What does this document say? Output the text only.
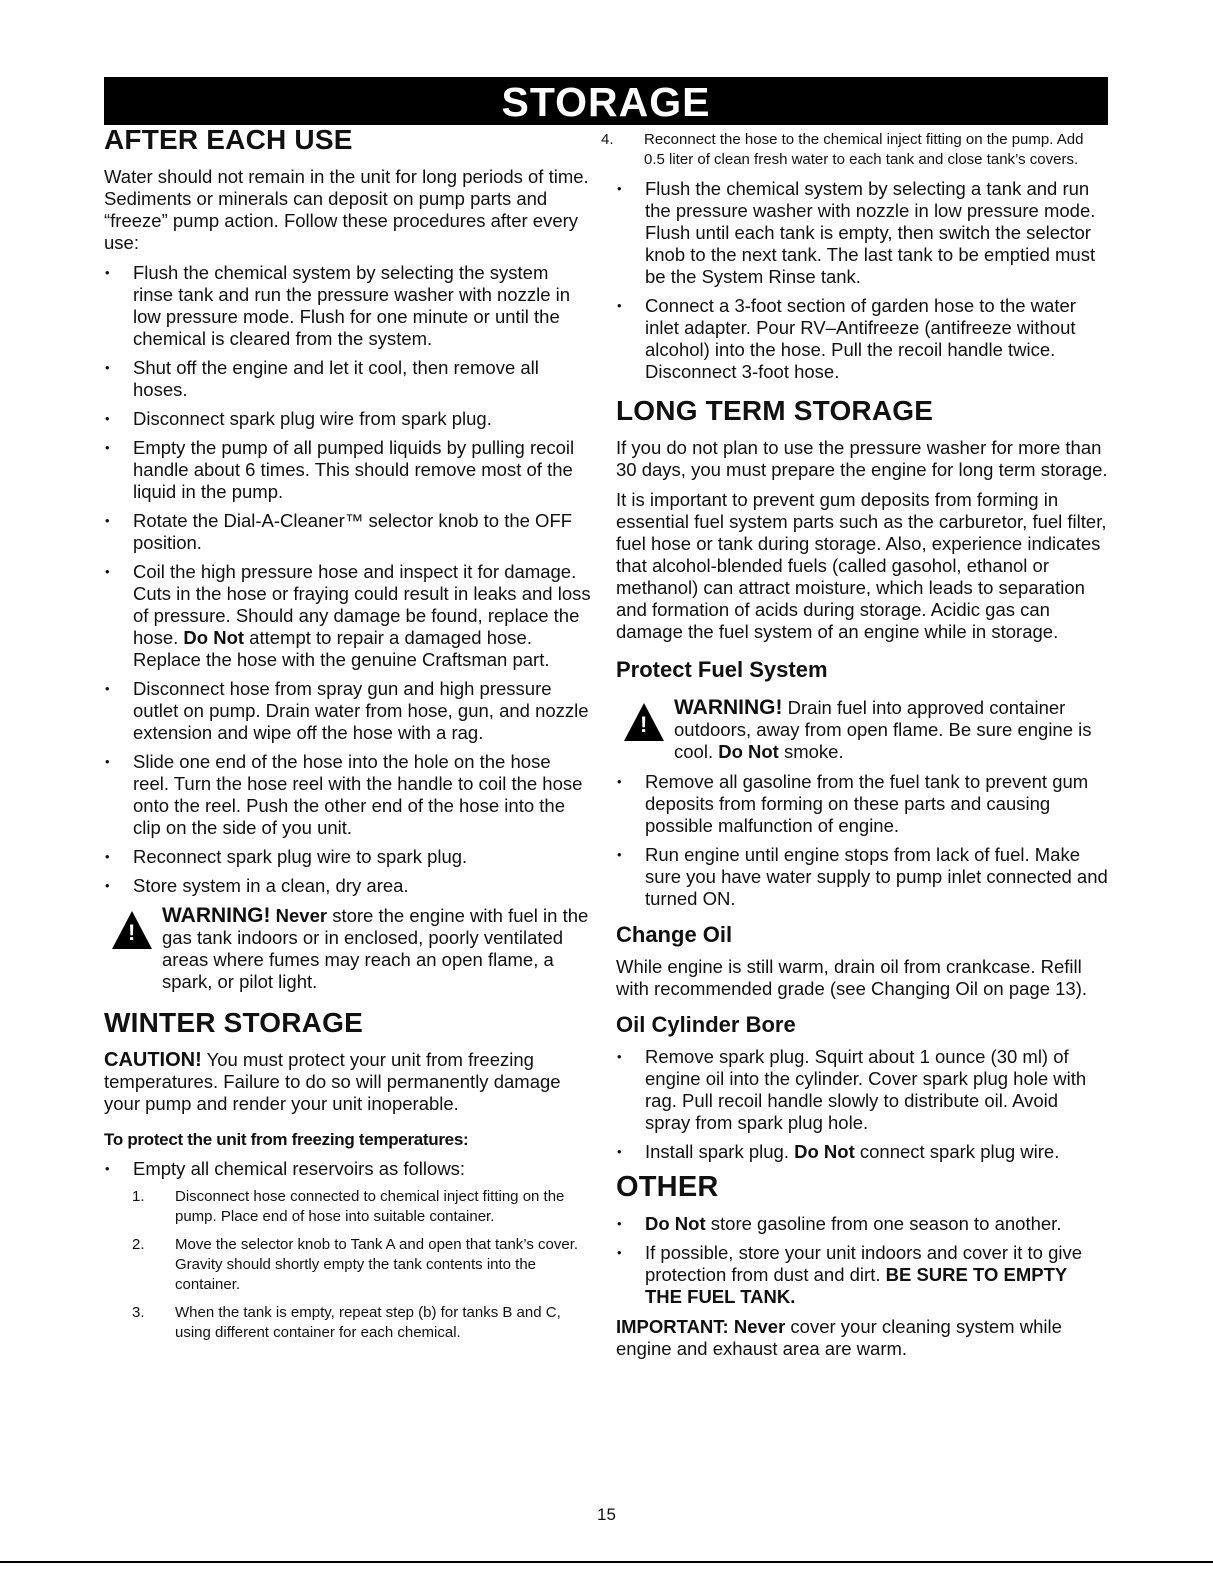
STORAGE
AFTER EACH USE

Water should not remain in the unit for long periods of time. Sediments or minerals can deposit on pump parts and “freeze” pump action. Follow these procedures after every use:

• Flush the chemical system by selecting the system rinse tank and run the pressure washer with nozzle in low pressure mode. Flush for one minute or until the chemical is cleared from the system.
• Shut off the engine and let it cool, then remove all hoses.
• Disconnect spark plug wire from spark plug.
• Empty the pump of all pumped liquids by pulling recoil handle about 6 times. This should remove most of the liquid in the pump.
• Rotate the Dial-A-Cleaner™ selector knob to the OFF position.
• Coil the high pressure hose and inspect it for damage. Cuts in the hose or fraying could result in leaks and loss of pressure. Should any damage be found, replace the hose. Do Not attempt to repair a damaged hose. Replace the hose with the genuine Craftsman part.
• Disconnect hose from spray gun and high pressure outlet on pump. Drain water from hose, gun, and nozzle extension and wipe off the hose with a rag.
• Slide one end of the hose into the hole on the hose reel. Turn the hose reel with the handle to coil the hose onto the reel. Push the other end of the hose into the clip on the side of you unit.
• Reconnect spark plug wire to spark plug.
• Store system in a clean, dry area.
!
WARNING! Never store the engine with fuel in the gas tank indoors or in enclosed, poorly ventilated areas where fumes may reach an open flame, a spark, or pilot light.
WINTER STORAGE

CAUTION! You must protect your unit from freezing temperatures. Failure to do so will permanently damage your pump and render your unit inoperable.

To protect the unit from freezing temperatures:
• Empty all chemical reservoirs as follows:
1. Disconnect hose connected to chemical inject fitting on the pump. Place end of hose into suitable container.
2. Move the selector knob to Tank A and open that tank’s cover. Gravity should shortly empty the tank contents into the container.
3. When the tank is empty, repeat step (b) for tanks B and C, using different container for each chemical.
4. Reconnect the hose to the chemical inject fitting on the pump. Add 0.5 liter of clean fresh water to each tank and close tank’s covers.
• Flush the chemical system by selecting a tank and run the pressure washer with nozzle in low pressure mode. Flush until each tank is empty, then switch the selector knob to the next tank. The last tank to be emptied must be the System Rinse tank.
• Connect a 3-foot section of garden hose to the water inlet adapter. Pour RV–Antifreeze (antifreeze without alcohol) into the hose. Pull the recoil handle twice. Disconnect 3-foot hose.
LONG TERM STORAGE

If you do not plan to use the pressure washer for more than 30 days, you must prepare the engine for long term storage.

It is important to prevent gum deposits from forming in essential fuel system parts such as the carburetor, fuel filter, fuel hose or tank during storage. Also, experience indicates that alcohol-blended fuels (called gasohol, ethanol or methanol) can attract moisture, which leads to separation and formation of acids during storage. Acidic gas can damage the fuel system of an engine while in storage.

Protect Fuel System
!
WARNING! Drain fuel into approved container outdoors, away from open flame. Be sure engine is cool. Do Not smoke.
• Remove all gasoline from the fuel tank to prevent gum deposits from forming on these parts and causing possible malfunction of engine.
• Run engine until engine stops from lack of fuel. Make sure you have water supply to pump inlet connected and turned ON.
Change Oil

While engine is still warm, drain oil from crankcase. Refill with recommended grade (see Changing Oil on page 13).

Oil Cylinder Bore
• Remove spark plug. Squirt about 1 ounce (30 ml) of engine oil into the cylinder. Cover spark plug hole with rag. Pull recoil handle slowly to distribute oil. Avoid spray from spark plug hole.
• Install spark plug. Do Not connect spark plug wire.
OTHER
• Do Not store gasoline from one season to another.
• If possible, store your unit indoors and cover it to give protection from dust and dirt. BE SURE TO EMPTY THE FUEL TANK.

IMPORTANT: Never cover your cleaning system while engine and exhaust area are warm.

15
